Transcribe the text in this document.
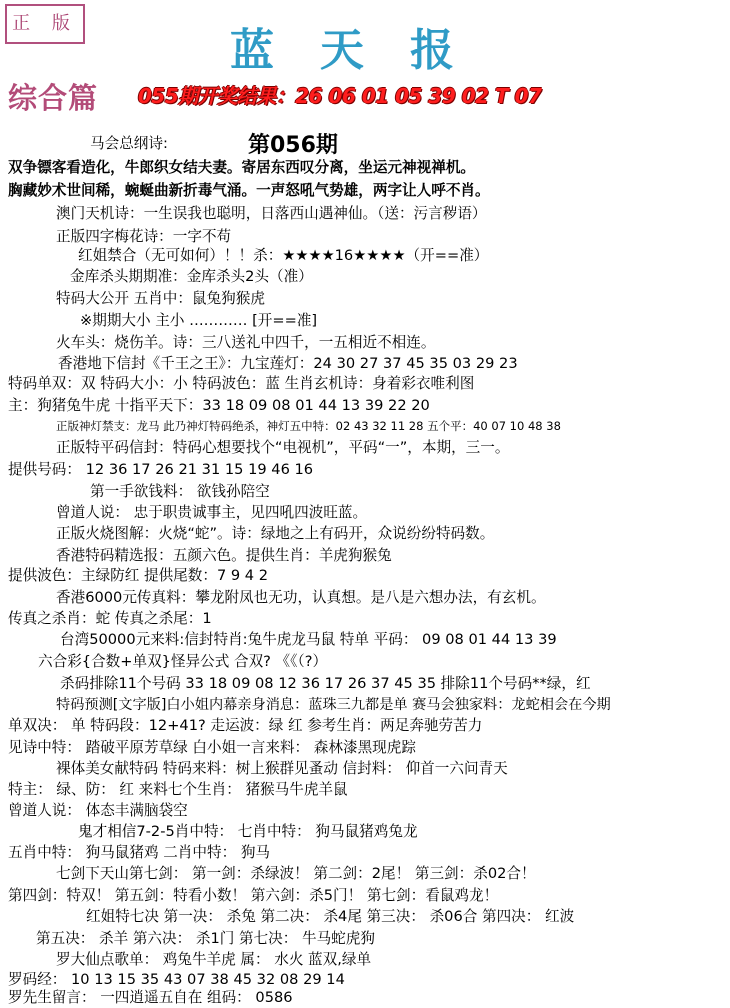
正 版
蓝天报
综合篇 055期开奖结果：26 06 01 05 39 02 T 07
第056期
马会总纲诗:
双争镖客看造化，牛郎织女结夫妻。寄居东西叹分离，坐运元神视禅机。
胸藏妙术世间稀，蜿蜒曲新折毒气涌。一声怒吼气势雄，两字让人呼不肖。
澳门天机诗：一生误我也聪明，日落西山遇神仙。（送：污言秽语）
正版四字梅花诗：一字不苟
红姐禁合（无可如何）！！杀：★★★★16★★★★（开==准）
金库杀头期期准：金库杀头2头（准）
特码大公开 五肖中：鼠兔狗猴虎
※期期大小 主小 ………… [开==准]
火车头：烧伤羊。诗：三八送礼中四千，一五相近不相连。
香港地下信封《千王之王》：九宝莲灯：24 30 27 37 45 35 03 29 23
特码单双：双 特码大小：小 特码波色：蓝 生肖玄机诗：身着彩衣唯利图
主：狗猪兔牛虎 十指平天下：33 18 09 08 01 44 13 39 22 20
正版神灯禁支：龙马 此乃神灯特码绝杀，神灯五中特：02 43 32 11 28 五个平：40 07 10 48 38
正版特平码信封：特码心想要找个“电视机”，平码“一”，本期，三一。
提供号码： 12 36 17 26 21 31 15 19 46 16
第一手欲钱料： 欲钱孙陪空
曾道人说： 忠于职贵诚事主，见四吼四波旺蓝。
正版火烧图解：火烧“蛇”。诗：绿地之上有码开，众说纷纷特码数。
香港特码精选报：五颜六色。提供生肖：羊虎狗猴兔
提供波色：主绿防红 提供尾数：7 9 4 2
香港6000元传真料：攀龙附凤也无功，认真想。是八是六想办法，有玄机。
传真之杀肖：蛇 传真之杀尾：1
台湾50000元来料:信封特肖:兔牛虎龙马鼠 特单 平码： 09 08 01 44 13 39
六合彩{合数+单双}怪异公式 合双? 《《（?）
杀码排除11个号码 33 18 09 08 12 36 17 26 37 45 35 排除11个号码**绿，红
特码预测[文字版]白小姐内幕亲身消息：蓝珠三九都是单 赛马会独家料：龙蛇相会在今期
单双决： 单 特码段：12+41? 走运波：绿 红 参考生肖：两足奔驰劳苦力
见诗中特： 踏破平原芳草绿 白小姐一言来料： 森林漆黑现虎踪
裸体美女献特码 特码来料：树上猴群见蚤动 信封料： 仰首一六问青天
特主： 绿、防： 红 来料七个生肖： 猪猴马牛虎羊鼠
曾道人说： 体态丰满脑袋空
鬼才相信7-2-5肖中特： 七肖中特： 狗马鼠猪鸡兔龙
五肖中特： 狗马鼠猪鸡 二肖中特： 狗马
七剑下天山第七剑： 第一剑：杀绿波！ 第二剑：2尾！ 第三剑：杀02合！
第四剑：特双！ 第五剑：特看小数！ 第六剑：杀5门！ 第七剑：看鼠鸡龙！
红姐特七决 第一决： 杀兔 第二决： 杀4尾 第三决： 杀06合 第四决： 红波
第五决： 杀羊 第六决： 杀1门 第七决： 牛马蛇虎狗
罗大仙点歌单： 鸡兔牛羊虎 属： 水火 蓝双,绿单
罗码经： 10 13 15 35 43 07 38 45 32 08 29 14
罗先生留言： 一四逍遥五自在 组码： 0586
